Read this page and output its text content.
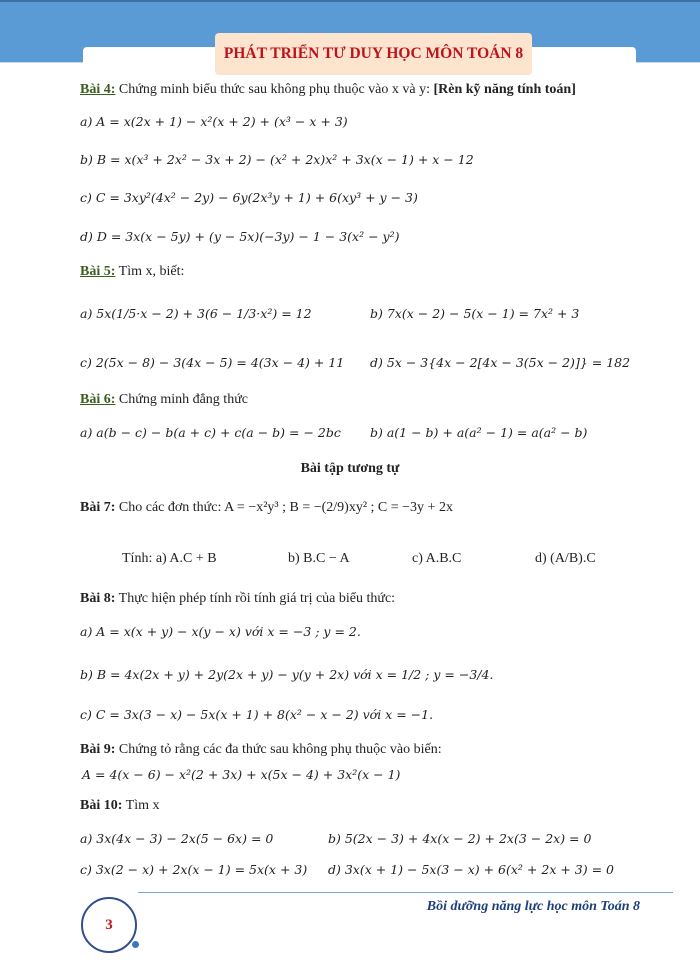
PHÁT TRIỂN TƯ DUY HỌC MÔN TOÁN 8
Bài 4: Chứng minh biểu thức sau không phụ thuộc vào x và y: [Rèn kỹ năng tính toán]
a) A = x(2x + 1) − x²(x + 2) + (x³ − x + 3)
b) B = x(x³ + 2x² − 3x + 2) − (x² + 2x)x² + 3x(x − 1) + x − 12
c) C = 3xy²(4x² − 2y) − 6y(2x³y + 1) + 6(xy³ + y − 3)
d) D = 3x(x − 5y) + (y − 5x)(−3y) − 1 − 3(x² − y²)
Bài 5: Tìm x, biết:
a) 5x(1/5·x − 2) + 3(6 − 1/3·x²) = 12	b) 7x(x − 2) − 5(x − 1) = 7x² + 3
c) 2(5x − 8) − 3(4x − 5) = 4(3x − 4) + 11 d) 5x − 3{4x − 2[4x − 3(5x − 2)]} = 182
Bài 6: Chứng minh đẳng thức
a) a(b − c) − b(a + c) + c(a − b) = − 2bc b) a(1 − b) + a(a² − 1) = a(a² − b)
Bài tập tương tự
Bài 7: Cho các đơn thức: A = −x²y³ ; B = −(2/9)xy² ; C = −3y + 2x
Tính: a) A.C + B	b) B.C − A	c) A.B.C	d) (A/B).C
Bài 8: Thực hiện phép tính rồi tính giá trị của biểu thức:
a) A = x(x + y) − x(y − x) với x = −3 ; y = 2.
b) B = 4x(2x + y) + 2y(2x + y) − y(y + 2x) với x = 1/2 ; y = −3/4.
c) C = 3x(3 − x) − 5x(x + 1) + 8(x² − x − 2) với x = −1.
Bài 9: Chứng tỏ rằng các đa thức sau không phụ thuộc vào biến:
A = 4(x − 6) − x²(2 + 3x) + x(5x − 4) + 3x²(x − 1)
Bài 10: Tìm x
a) 3x(4x − 3) − 2x(5 − 6x) = 0	b) 5(2x − 3) + 4x(x − 2) + 2x(3 − 2x) = 0
c) 3x(2 − x) + 2x(x − 1) = 5x(x + 3) d) 3x(x + 1) − 5x(3 − x) + 6(x² + 2x + 3) = 0
Bồi dưỡng năng lực học môn Toán 8
3
